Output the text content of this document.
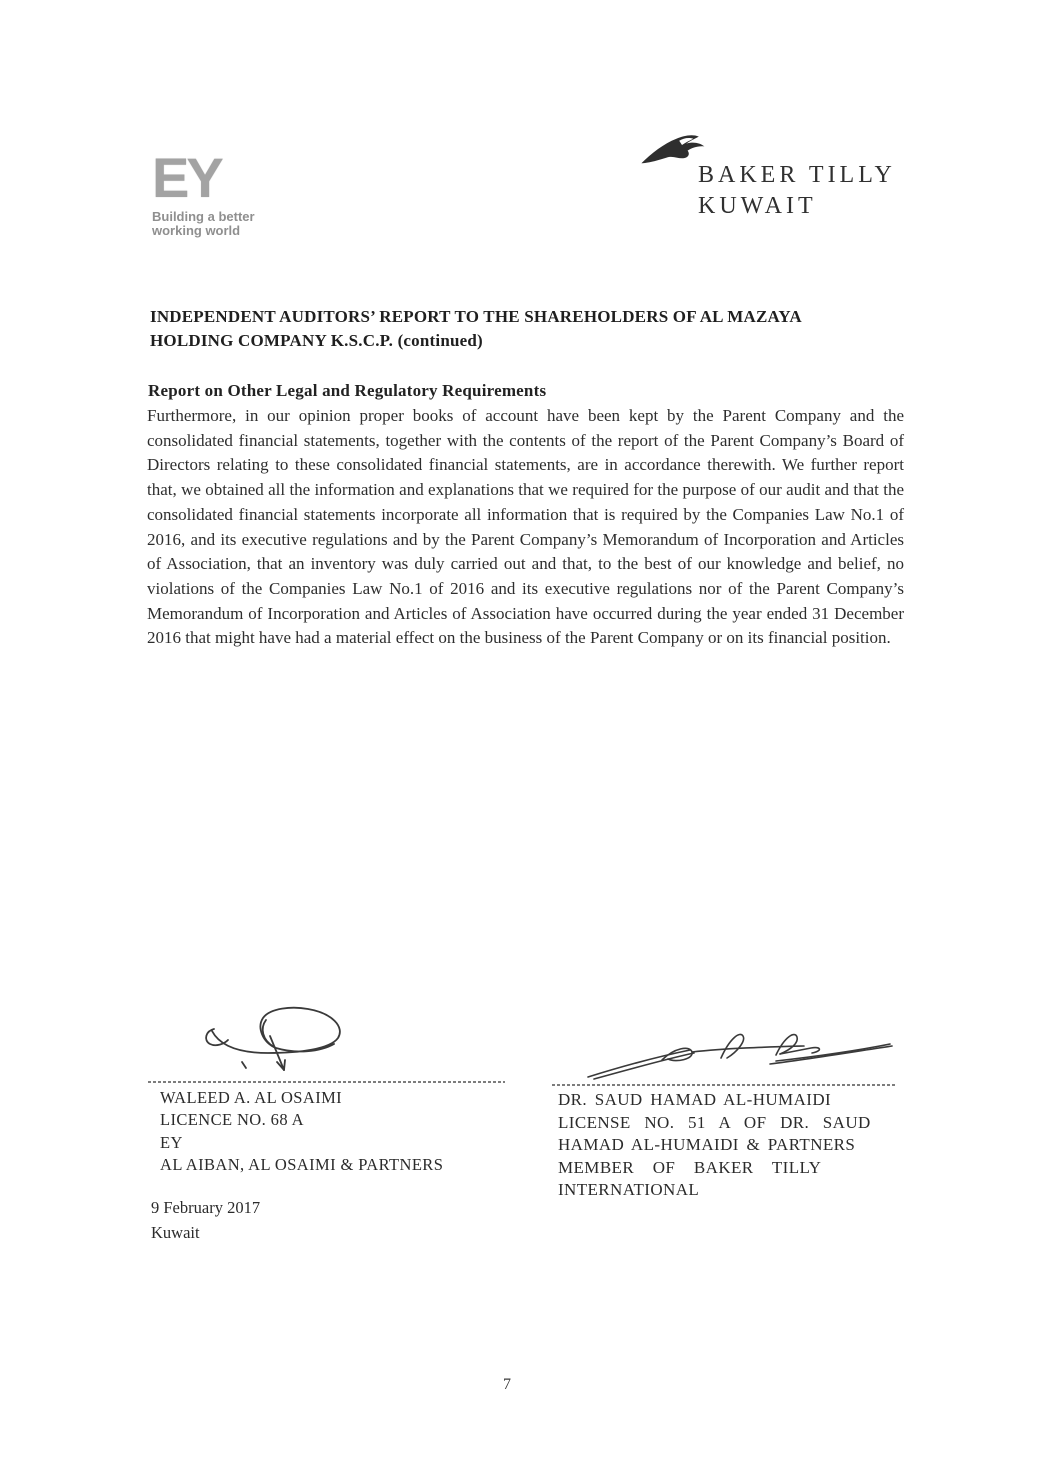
EY
Building a better
working world
BAKER TILLY
KUWAIT
INDEPENDENT AUDITORS’ REPORT TO THE SHAREHOLDERS OF AL MAZAYA
HOLDING COMPANY K.S.C.P. (continued)
Report on Other Legal and Regulatory Requirements
Furthermore, in our opinion proper books of account have been kept by the Parent Company and the consolidated financial statements, together with the contents of the report of the Parent Company’s Board of Directors relating to these consolidated financial statements, are in accordance therewith. We further report that, we obtained all the information and explanations that we required for the purpose of our audit and that the consolidated financial statements incorporate all information that is required by the Companies Law No.1 of 2016, and its executive regulations and by the Parent Company’s Memorandum of Incorporation and Articles of Association, that an inventory was duly carried out and that, to the best of our knowledge and belief, no violations of the Companies Law No.1 of 2016 and its executive regulations nor of the Parent Company’s Memorandum of Incorporation and Articles of Association have occurred during the year ended 31 December 2016 that might have had a material effect on the business of the Parent Company or on its financial position.
WALEED A. AL OSAIMI
LICENCE NO. 68 A
EY
AL AIBAN, AL OSAIMI & PARTNERS
9 February 2017
Kuwait
DR. SAUD HAMAD AL-HUMAIDI
LICENSE NO. 51 A OF DR. SAUD
HAMAD AL-HUMAIDI & PARTNERS
MEMBER OF BAKER TILLY
INTERNATIONAL
7
